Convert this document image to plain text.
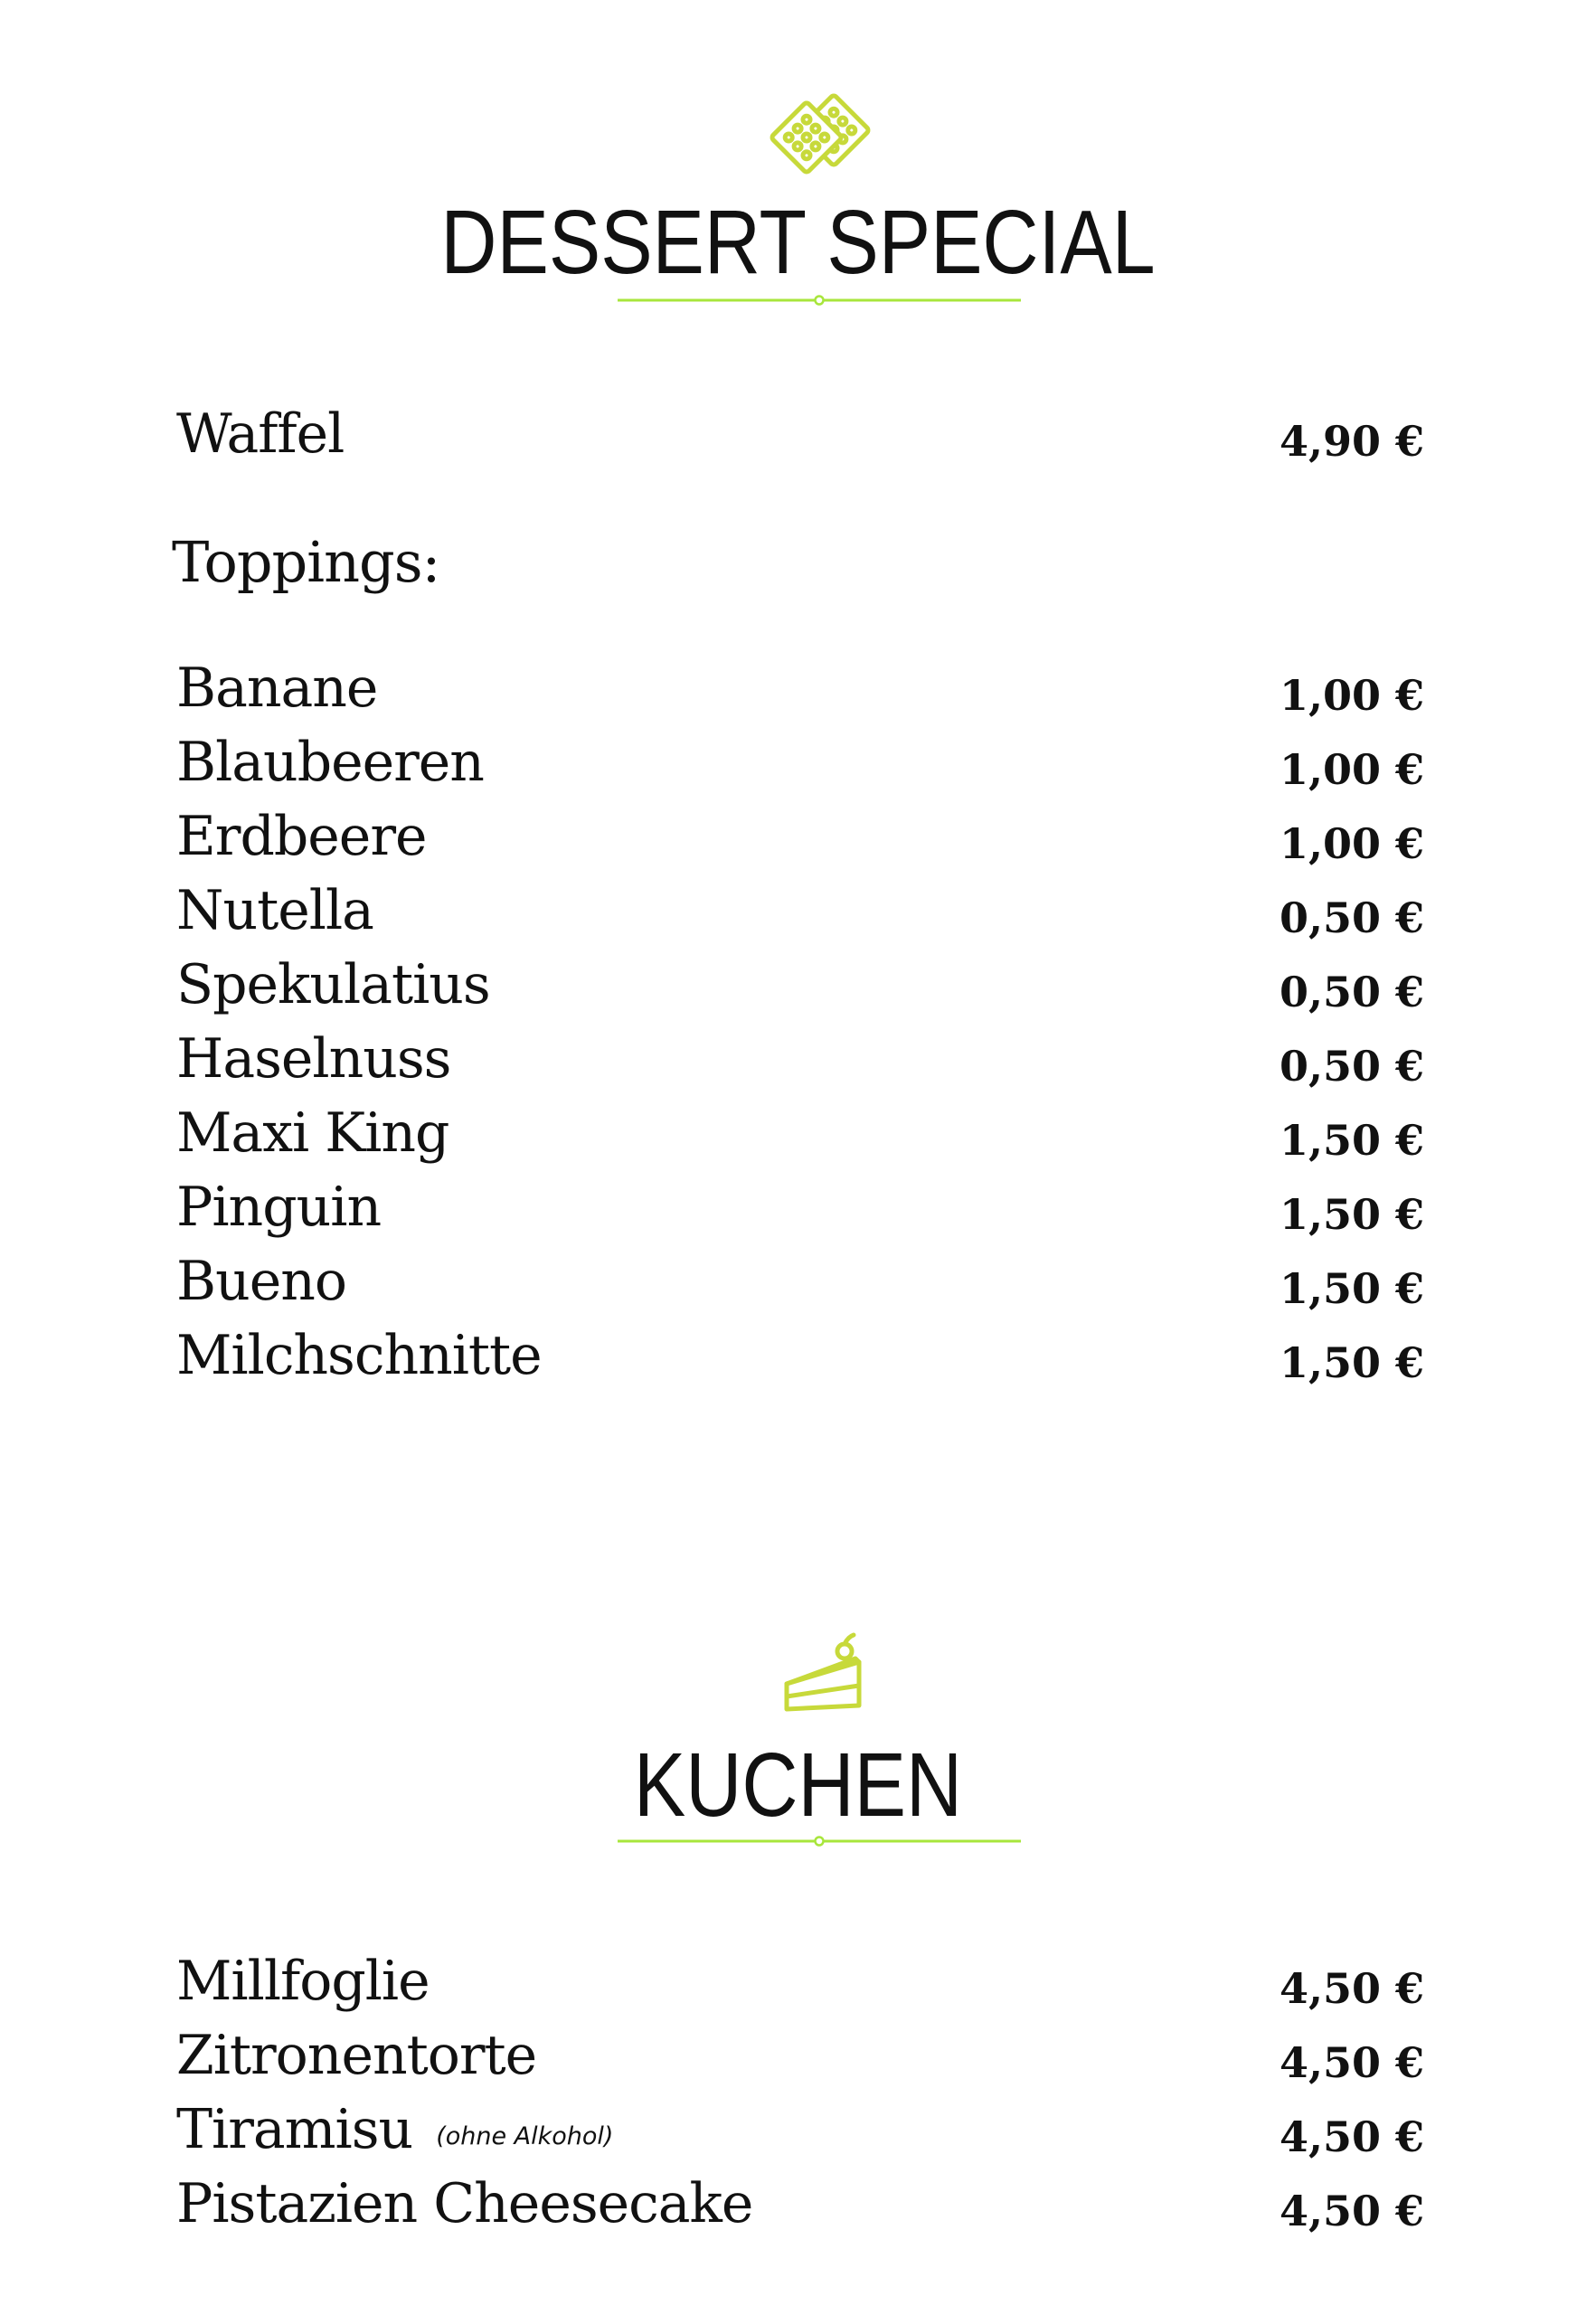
DESSERT SPECIAL
Waffel	4,90 €
Toppings:
Banane	1,00 €
Blaubeeren	1,00 €
Erdbeere	1,00 €
Nutella	0,50 €
Spekulatius	0,50 €
Haselnuss	0,50 €
Maxi King	1,50 €
Pinguin	1,50 €
Bueno	1,50 €
Milchschnitte	1,50 €
KUCHEN
Millfoglie	4,50 €
Zitronentorte	4,50 €
Tiramisu (ohne Alkohol)	4,50 €
Pistazien Cheesecake	4,50 €
